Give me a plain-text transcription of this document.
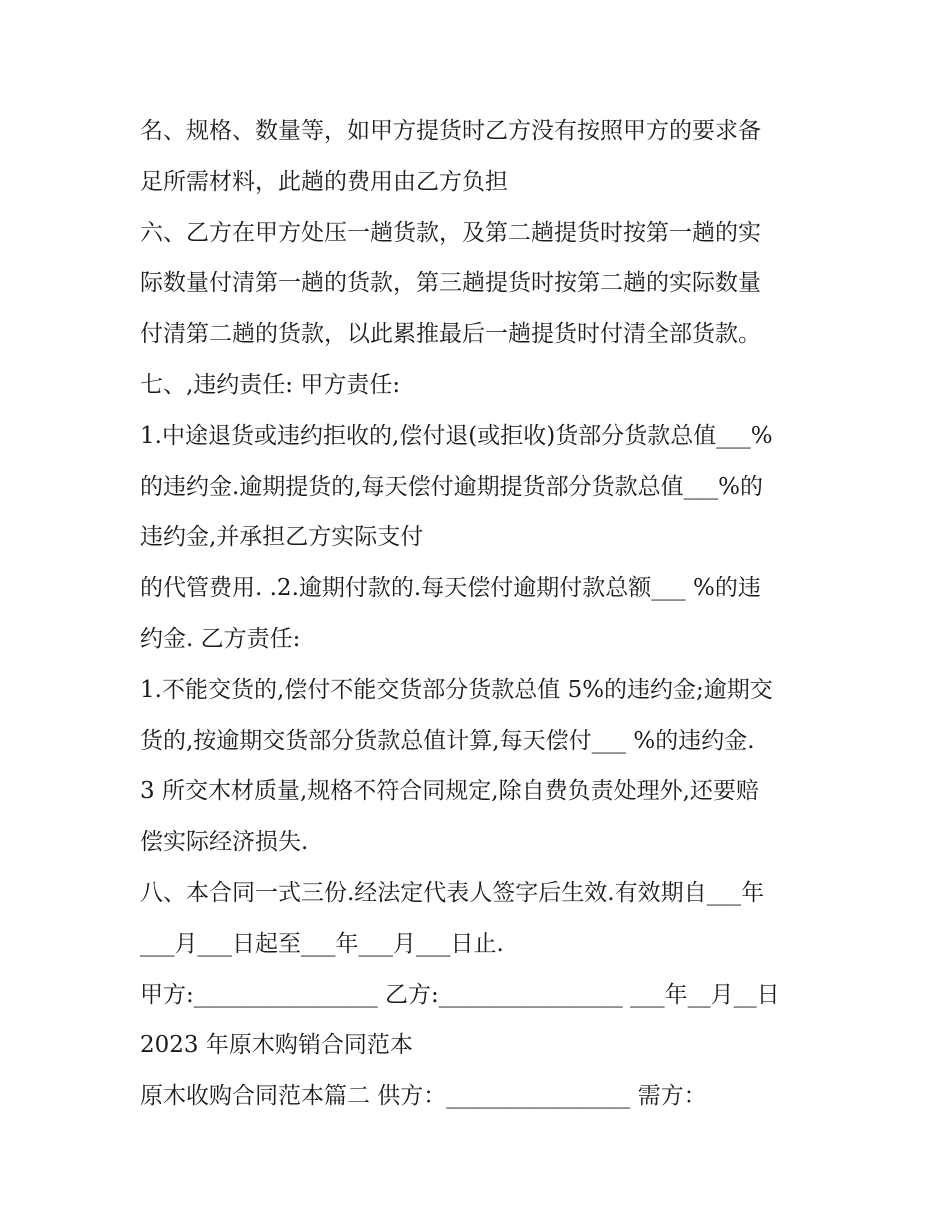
名、规格、数量等，如甲方提货时乙方没有按照甲方的要求备
足所需材料，此趟的费用由乙方负担
六、乙方在甲方处压一趟货款，及第二趟提货时按第一趟的实
际数量付清第一趟的货款，第三趟提货时按第二趟的实际数量
付清第二趟的货款，以此累推最后一趟提货时付清全部货款。
七、,违约责任: 甲方责任:
1.中途退货或违约拒收的,偿付退(或拒收)货部分货款总值___%
的违约金.逾期提货的,每天偿付逾期提货部分货款总值___%的
违约金,并承担乙方实际支付
的代管费用. .2.逾期付款的.每天偿付逾期付款总额___ %的违
约金. 乙方责任:
1.不能交货的,偿付不能交货部分货款总值 5%的违约金;逾期交
货的,按逾期交货部分货款总值计算,每天偿付___ %的违约金.
3 所交木材质量,规格不符合同规定,除自费负责处理外,还要赔
偿实际经济损失.
八、本合同一式三份.经法定代表人签字后生效.有效期自___年
___月___日起至___年___月___日止.
甲方:________________ 乙方:________________ ___年__月__日
2023 年原木购销合同范本
原木收购合同范本篇二 供方：________________ 需方：
